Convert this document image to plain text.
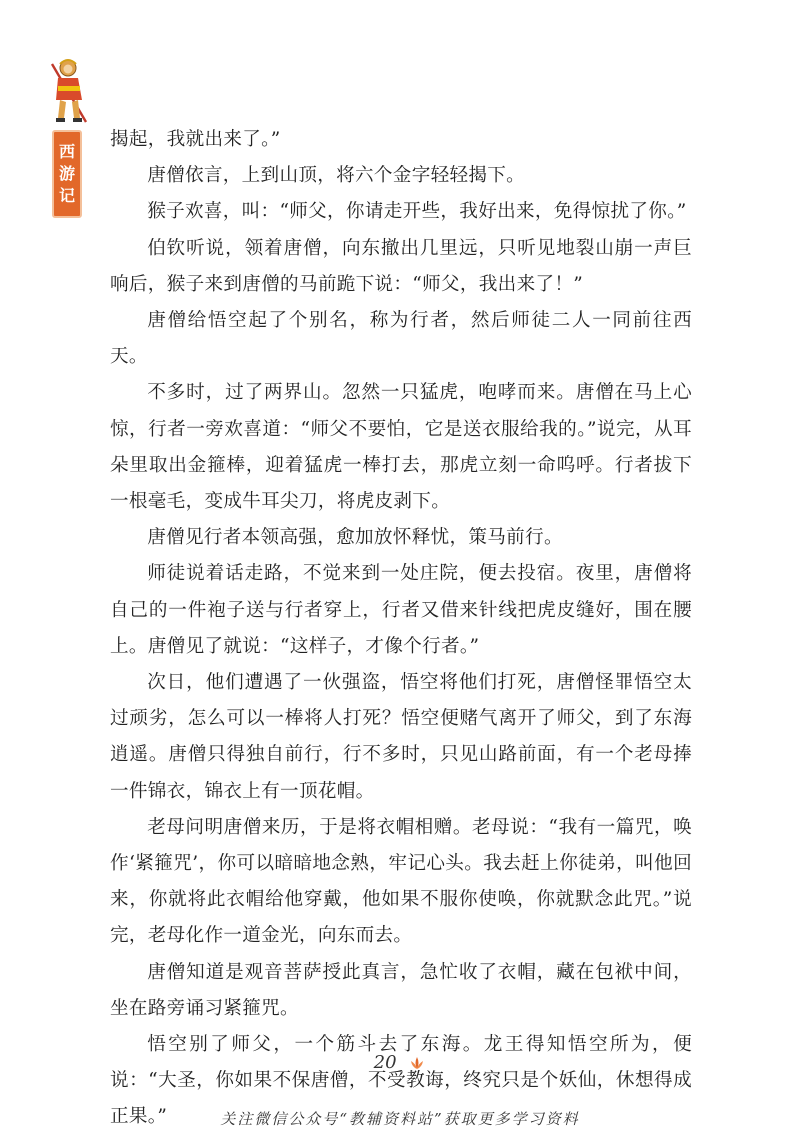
西
游
记

揭起，我就出来了。”

唐僧依言，上到山顶，将六个金字轻轻揭下。

猴子欢喜，叫：“师父，你请走开些，我好出来，免得惊扰了你。”

伯钦听说，领着唐僧，向东撤出几里远，只听见地裂山崩一声巨响后，猴子来到唐僧的马前跪下说：“师父，我出来了！”

唐僧给悟空起了个别名，称为行者，然后师徒二人一同前往西天。

不多时，过了两界山。忽然一只猛虎，咆哮而来。唐僧在马上心惊，行者一旁欢喜道：“师父不要怕，它是送衣服给我的。”说完，从耳朵里取出金箍棒，迎着猛虎一棒打去，那虎立刻一命呜呼。行者拔下一根毫毛，变成牛耳尖刀，将虎皮剥下。

唐僧见行者本领高强，愈加放怀释忧，策马前行。

师徒说着话走路，不觉来到一处庄院，便去投宿。夜里，唐僧将自己的一件袍子送与行者穿上，行者又借来针线把虎皮缝好，围在腰上。唐僧见了就说：“这样子，才像个行者。”

次日，他们遭遇了一伙强盗，悟空将他们打死，唐僧怪罪悟空太过顽劣，怎么可以一棒将人打死？悟空便赌气离开了师父，到了东海逍遥。唐僧只得独自前行，行不多时，只见山路前面，有一个老母捧一件锦衣，锦衣上有一顶花帽。

老母问明唐僧来历，于是将衣帽相赠。老母说：“我有一篇咒，唤作‘紧箍咒’，你可以暗暗地念熟，牢记心头。我去赶上你徒弟，叫他回来，你就将此衣帽给他穿戴，他如果不服你使唤，你就默念此咒。”说完，老母化作一道金光，向东而去。

唐僧知道是观音菩萨授此真言，急忙收了衣帽，藏在包袱中间，坐在路旁诵习紧箍咒。

悟空别了师父，一个筋斗去了东海。龙王得知悟空所为，便说：“大圣，你如果不保唐僧，不受教诲，终究只是个妖仙，休想得成正果。”

20
关注微信公众号“教辅资料站”获取更多学习资料
